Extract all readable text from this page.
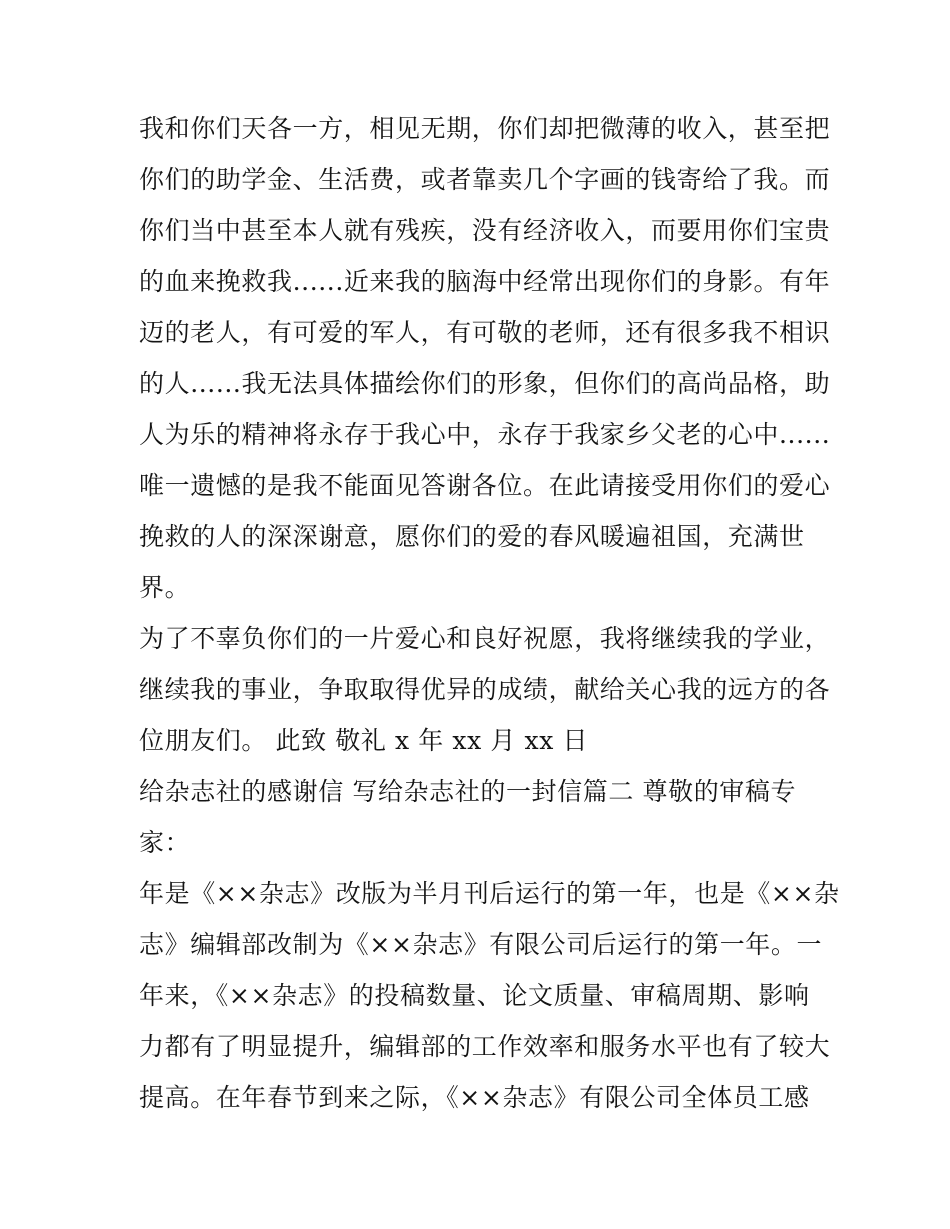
我和你们天各一方，相见无期，你们却把微薄的收入，甚至把
你们的助学金、生活费，或者靠卖几个字画的钱寄给了我。而
你们当中甚至本人就有残疾，没有经济收入，而要用你们宝贵
的血来挽救我......近来我的脑海中经常出现你们的身影。有年
迈的老人，有可爱的军人，有可敬的老师，还有很多我不相识
的人......我无法具体描绘你们的形象，但你们的高尚品格，助
人为乐的精神将永存于我心中，永存于我家乡父老的心中......
唯一遗憾的是我不能面见答谢各位。在此请接受用你们的爱心
挽救的人的深深谢意，愿你们的爱的春风暖遍祖国，充满世
界。
为了不辜负你们的一片爱心和良好祝愿，我将继续我的学业，
继续我的事业，争取取得优异的成绩，献给关心我的远方的各
位朋友们。 此致 敬礼 x 年 xx 月 xx 日
给杂志社的感谢信 写给杂志社的一封信篇二 尊敬的审稿专
家：
年是《××杂志》改版为半月刊后运行的第一年，也是《××杂
志》编辑部改制为《××杂志》有限公司后运行的第一年。一
年来，《××杂志》的投稿数量、论文质量、审稿周期、影响
力都有了明显提升，编辑部的工作效率和服务水平也有了较大
提高。在年春节到来之际，《××杂志》有限公司全体员工感
